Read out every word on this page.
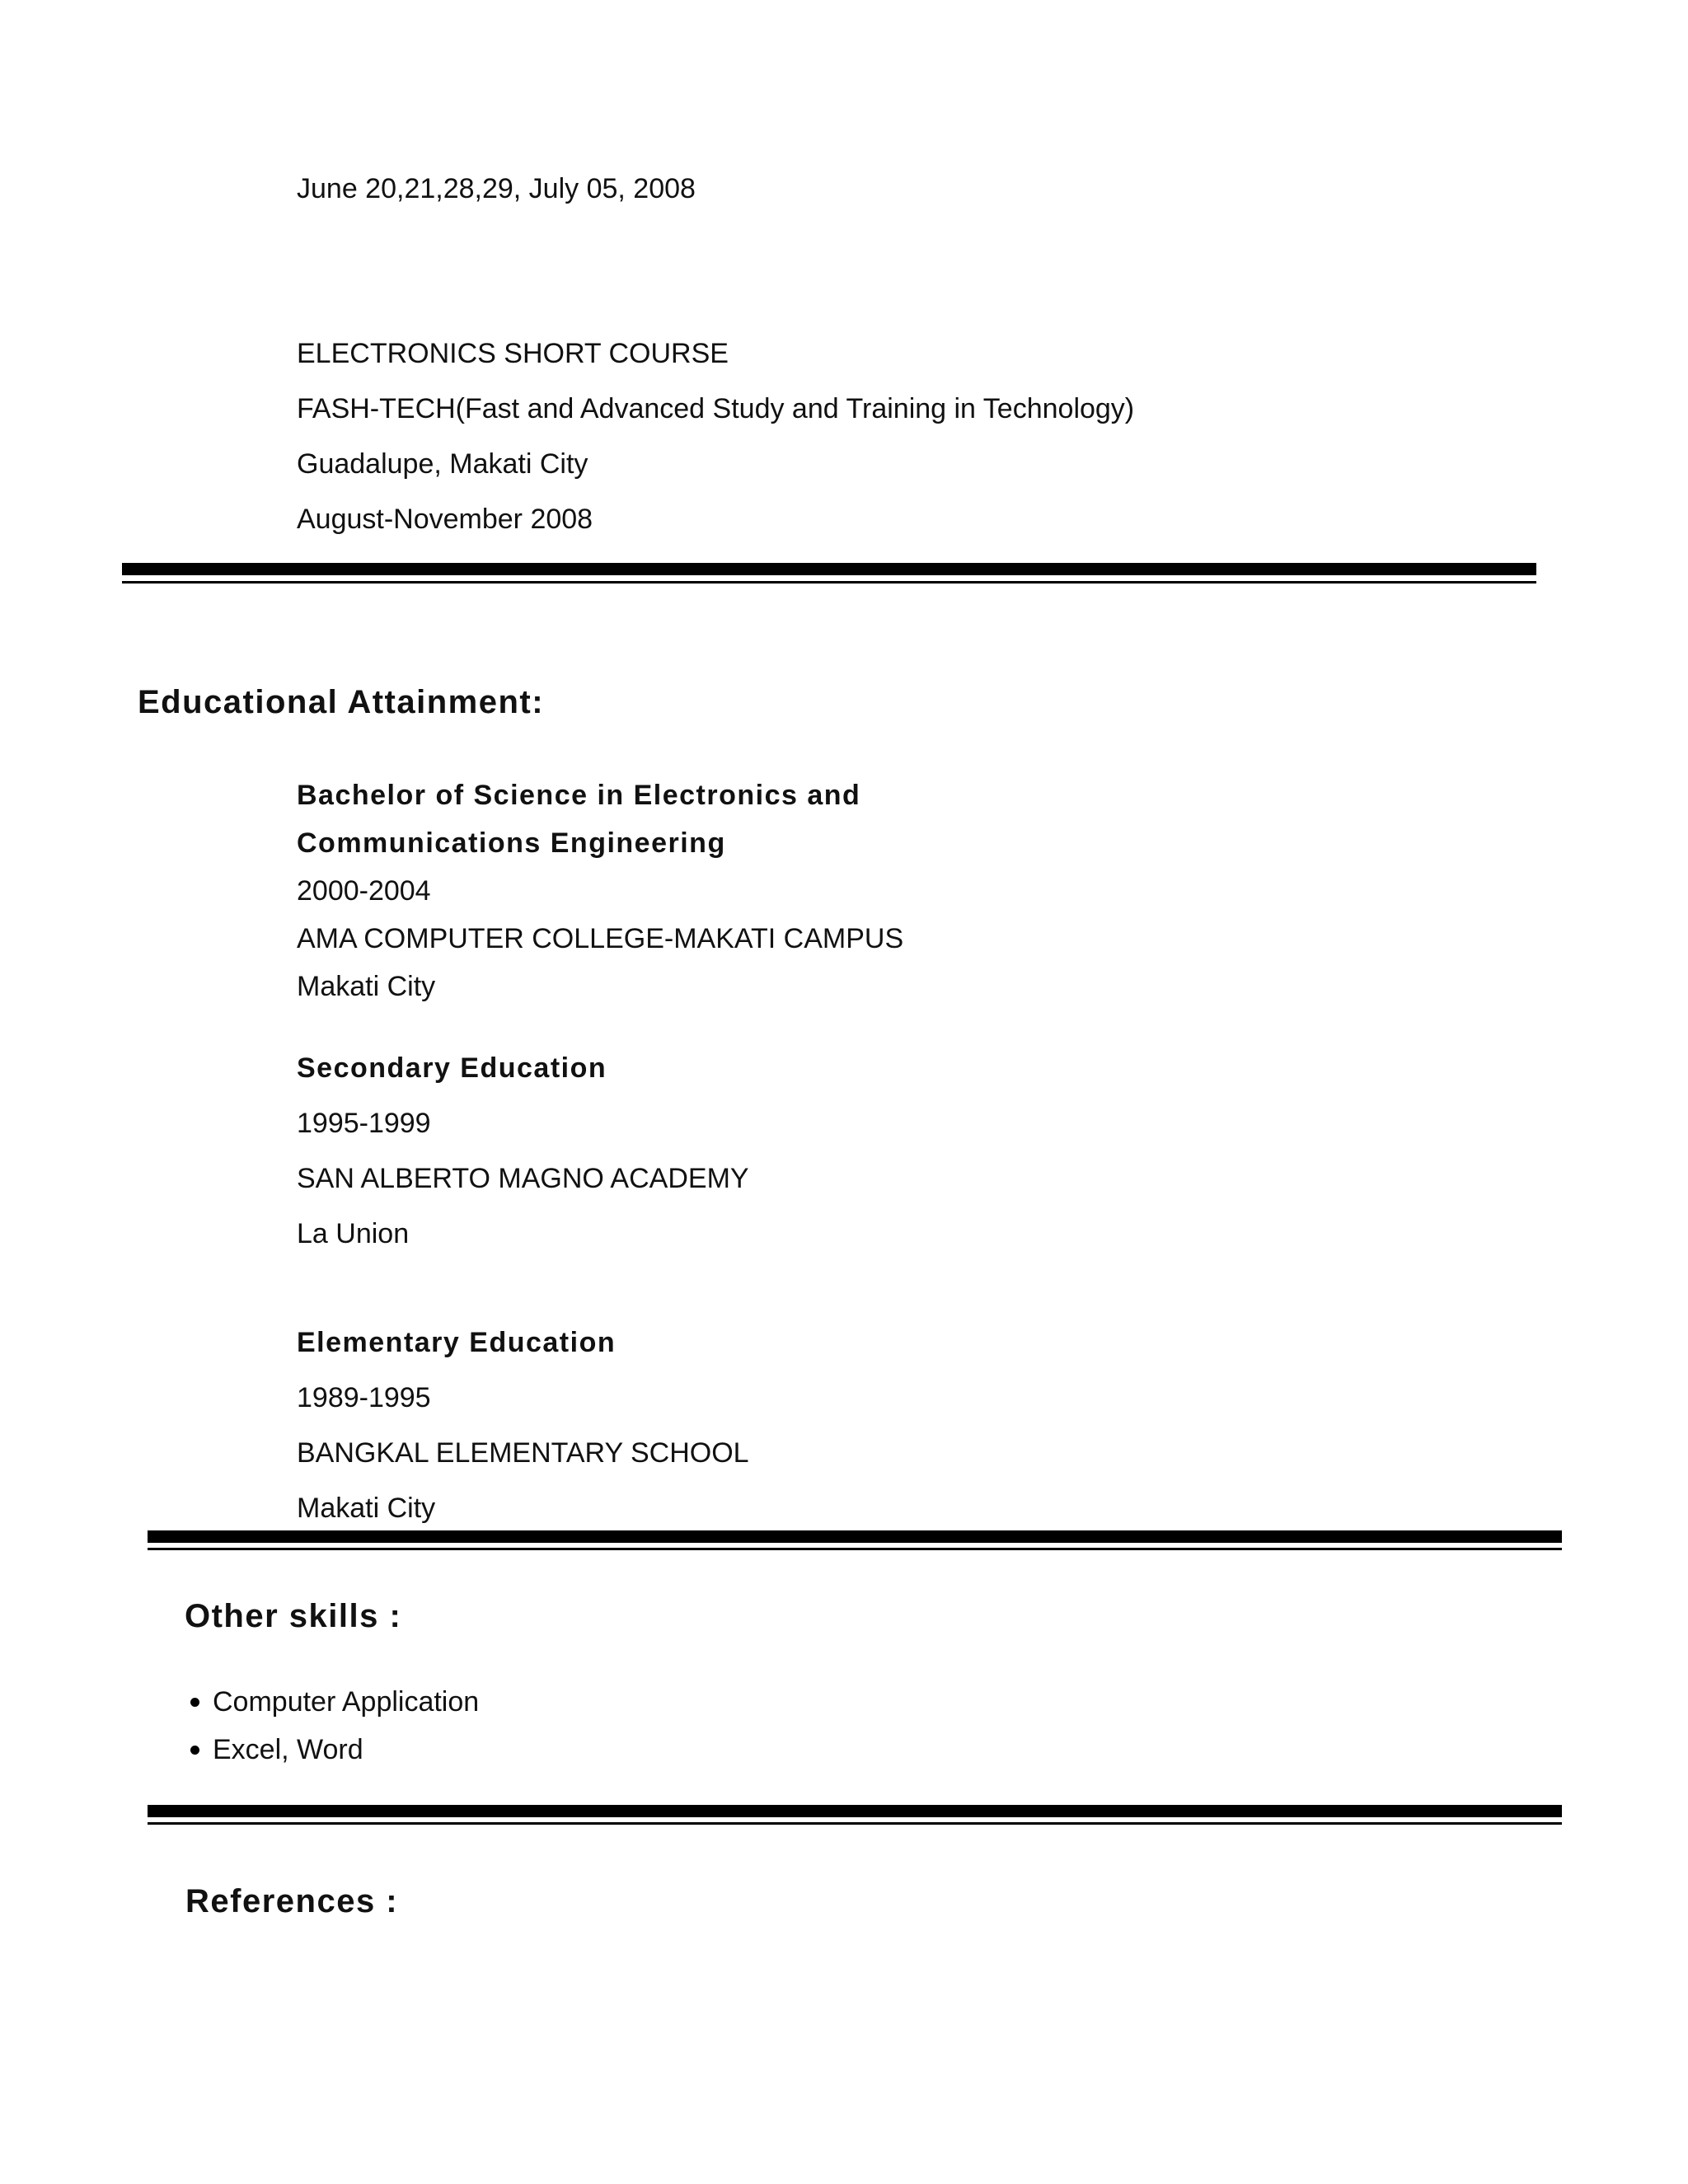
June 20,21,28,29, July 05, 2008
ELECTRONICS SHORT COURSE
FASH-TECH(Fast and Advanced Study and Training in Technology)
Guadalupe, Makati City
August-November 2008
Educational Attainment:
Bachelor of Science in Electronics and
Communications Engineering
2000-2004
AMA COMPUTER COLLEGE-MAKATI CAMPUS
Makati City
Secondary Education
1995-1999
SAN ALBERTO MAGNO ACADEMY
La Union
Elementary Education
1989-1995
BANGKAL ELEMENTARY SCHOOL
Makati City
Other skills :
Computer Application
Excel, Word
References :
